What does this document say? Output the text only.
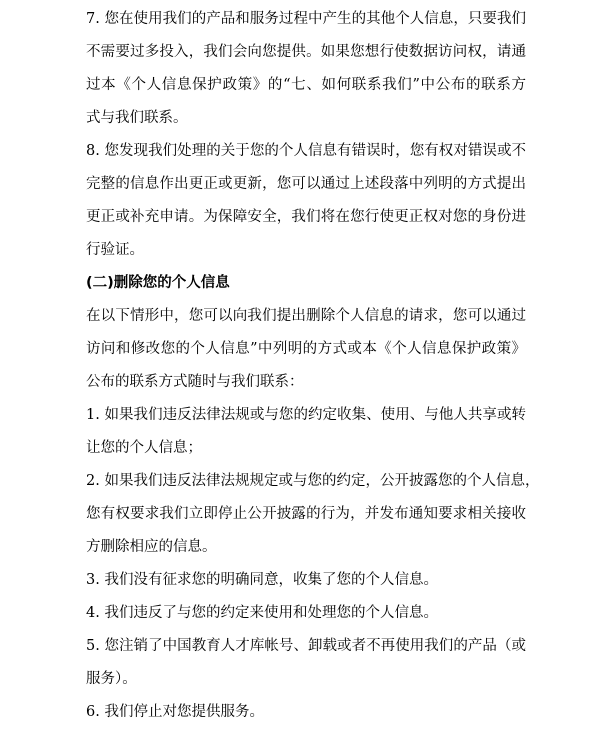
7. 您在使用我们的产品和服务过程中产生的其他个人信息，只要我们
不需要过多投入，我们会向您提供。如果您想行使数据访问权，请通
过本《个人信息保护政策》的“七、如何联系我们”中公布的联系方
式与我们联系。
8. 您发现我们处理的关于您的个人信息有错误时，您有权对错误或不
完整的信息作出更正或更新，您可以通过上述段落中列明的方式提出
更正或补充申请。为保障安全，我们将在您行使更正权对您的身份进
行验证。
(二)删除您的个人信息
在以下情形中，您可以向我们提出删除个人信息的请求，您可以通过
访问和修改您的个人信息”中列明的方式或本《个人信息保护政策》
公布的联系方式随时与我们联系：
1. 如果我们违反法律法规或与您的约定收集、使用、与他人共享或转
让您的个人信息；
2. 如果我们违反法律法规规定或与您的约定，公开披露您的个人信息，
您有权要求我们立即停止公开披露的行为，并发布通知要求相关接收
方删除相应的信息。
3. 我们没有征求您的明确同意，收集了您的个人信息。
4. 我们违反了与您的约定来使用和处理您的个人信息。
5. 您注销了中国教育人才库帐号、卸载或者不再使用我们的产品（或
服务）。
6. 我们停止对您提供服务。
